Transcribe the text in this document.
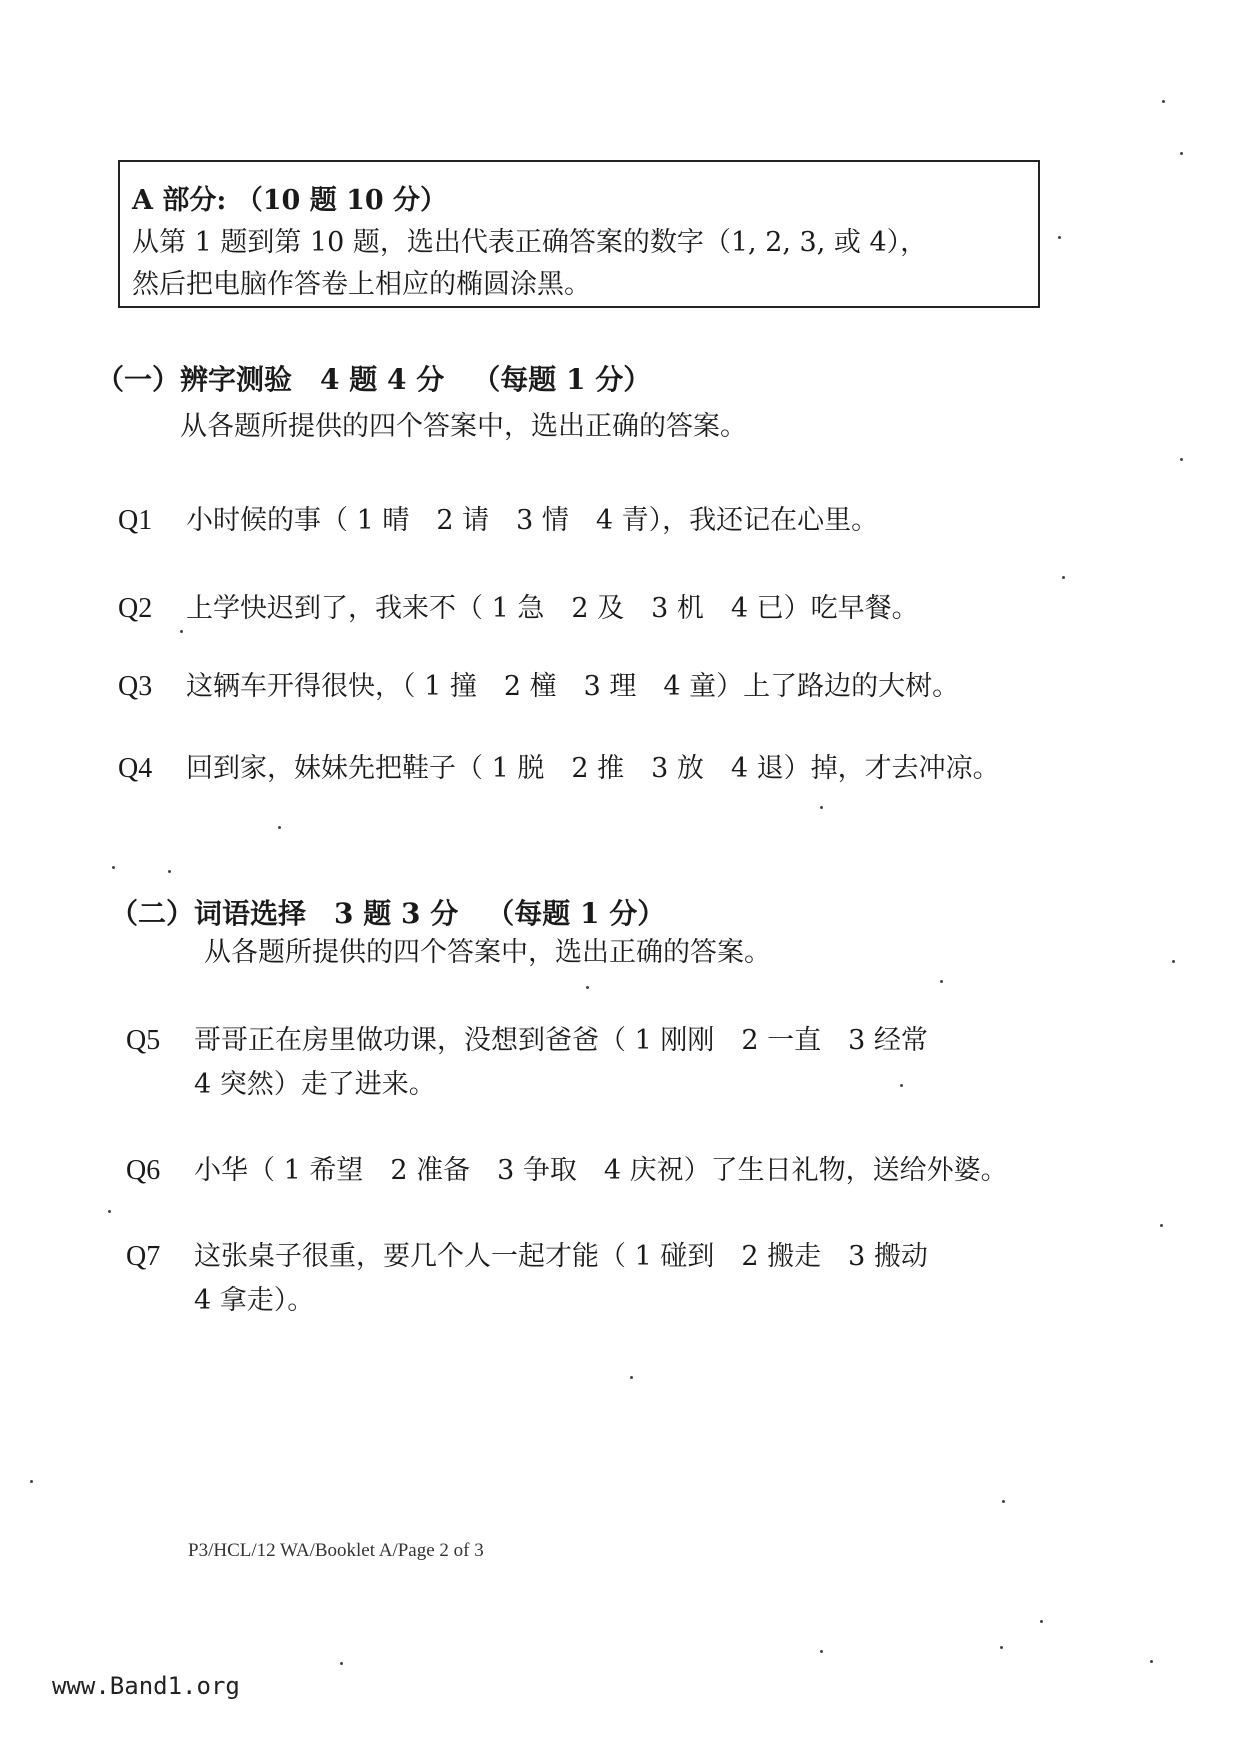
A 部分: （10 题 10 分）
从第 1 题到第 10 题，选出代表正确答案的数字（1, 2, 3, 或 4），
然后把电脑作答卷上相应的椭圆涂黑。
（一）辨字测验 4 题 4 分 （每题 1 分）
从各题所提供的四个答案中，选出正确的答案。
Q1 小时候的事（ 1 晴　2 请　3 情　4 青），我还记在心里。
Q2 上学快迟到了，我来不（ 1 急　2 及　3 机　4 已）吃早餐。
Q3 这辆车开得很快，（ 1 撞　2 橦　3 理　4 童）上了路边的大树。
Q4 回到家，妹妹先把鞋子（ 1 脱　2 推　3 放　4 退）掉，才去冲凉。
（二）词语选择 3 题 3 分 （每题 1 分）
从各题所提供的四个答案中，选出正确的答案。
Q5 哥哥正在房里做功课，没想到爸爸（ 1 刚刚　2 一直　3 经常
4 突然）走了进来。
Q6 小华（ 1 希望　2 准备　3 争取　4 庆祝）了生日礼物，送给外婆。
Q7 这张桌子很重，要几个人一起才能（ 1 碰到　2 搬走　3 搬动
4 拿走）。
P3/HCL/12 WA/Booklet A/Page 2 of 3
www.Band1.org
